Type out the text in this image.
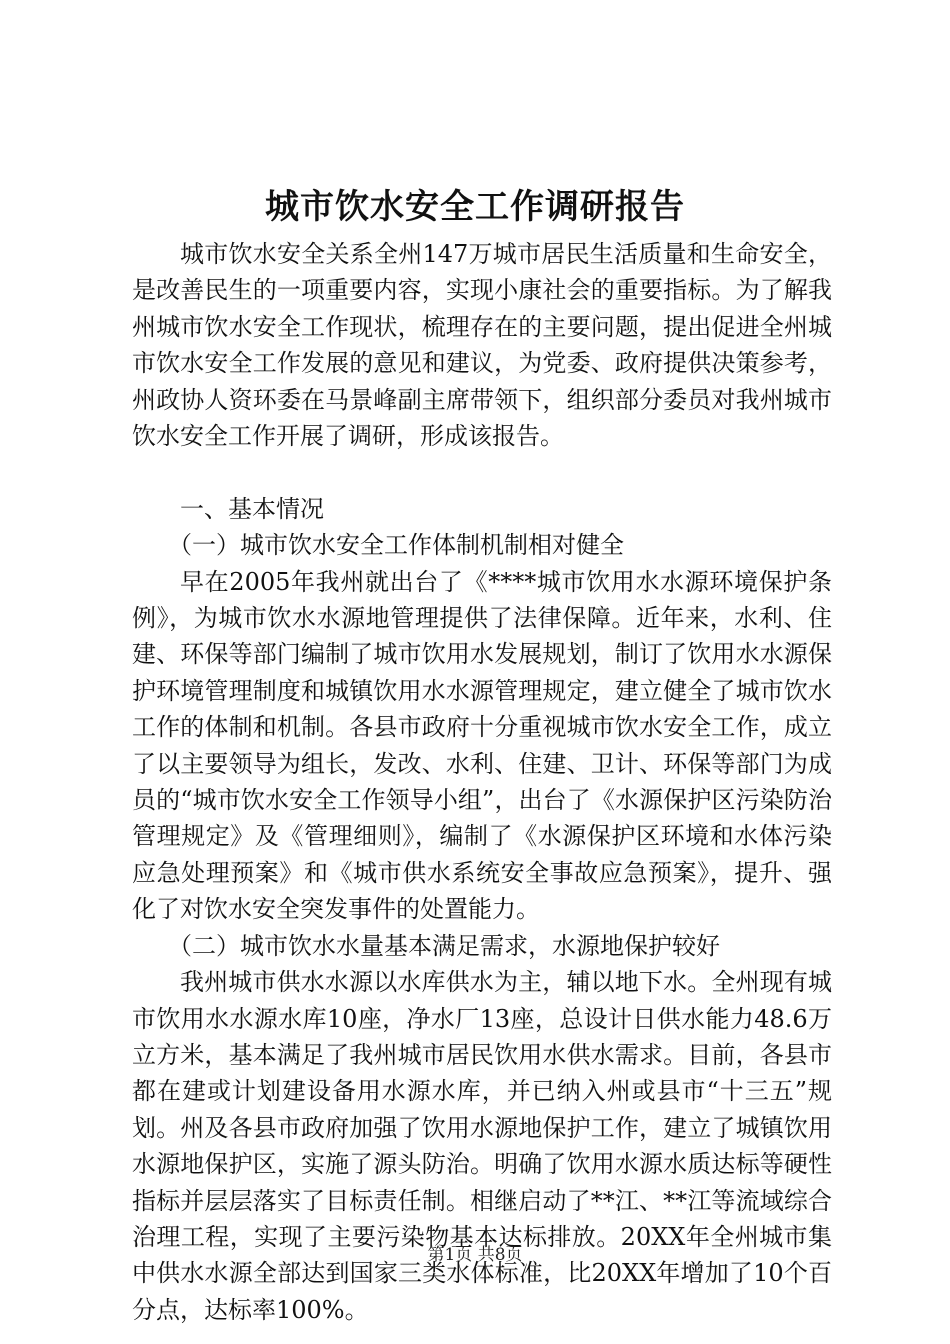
城市饮水安全工作调研报告

城市饮水安全关系全州147万城市居民生活质量和生命安全，是改善民生的一项重要内容，实现小康社会的重要指标。为了解我州城市饮水安全工作现状，梳理存在的主要问题，提出促进全州城市饮水安全工作发展的意见和建议，为党委、政府提供决策参考，州政协人资环委在马景峰副主席带领下，组织部分委员对我州城市饮水安全工作开展了调研，形成该报告。

一、基本情况

（一）城市饮水安全工作体制机制相对健全

早在2005年我州就出台了《****城市饮用水水源环境保护条例》，为城市饮水水源地管理提供了法律保障。近年来，水利、住建、环保等部门编制了城市饮用水发展规划，制订了饮用水水源保护环境管理制度和城镇饮用水水源管理规定，建立健全了城市饮水工作的体制和机制。各县市政府十分重视城市饮水安全工作，成立了以主要领导为组长，发改、水利、住建、卫计、环保等部门为成员的“城市饮水安全工作领导小组”，出台了《水源保护区污染防治管理规定》及《管理细则》，编制了《水源保护区环境和水体污染应急处理预案》和《城市供水系统安全事故应急预案》，提升、强化了对饮水安全突发事件的处置能力。

（二）城市饮水水量基本满足需求，水源地保护较好

我州城市供水水源以水库供水为主，辅以地下水。全州现有城市饮用水水源水库10座，净水厂13座，总设计日供水能力48.6万立方米，基本满足了我州城市居民饮用水供水需求。目前，各县市都在建或计划建设备用水源水库，并已纳入州或县市“十三五”规划。州及各县市政府加强了饮用水源地保护工作，建立了城镇饮用水源地保护区，实施了源头防治。明确了饮用水源水质达标等硬性指标并层层落实了目标责任制。相继启动了**江、**江等流域综合治理工程，实现了主要污染物基本达标排放。20XX年全州城市集中供水水源全部达到国家三类水体标准，比20XX年增加了10个百分点，达标率100%。

第1页 共8页
